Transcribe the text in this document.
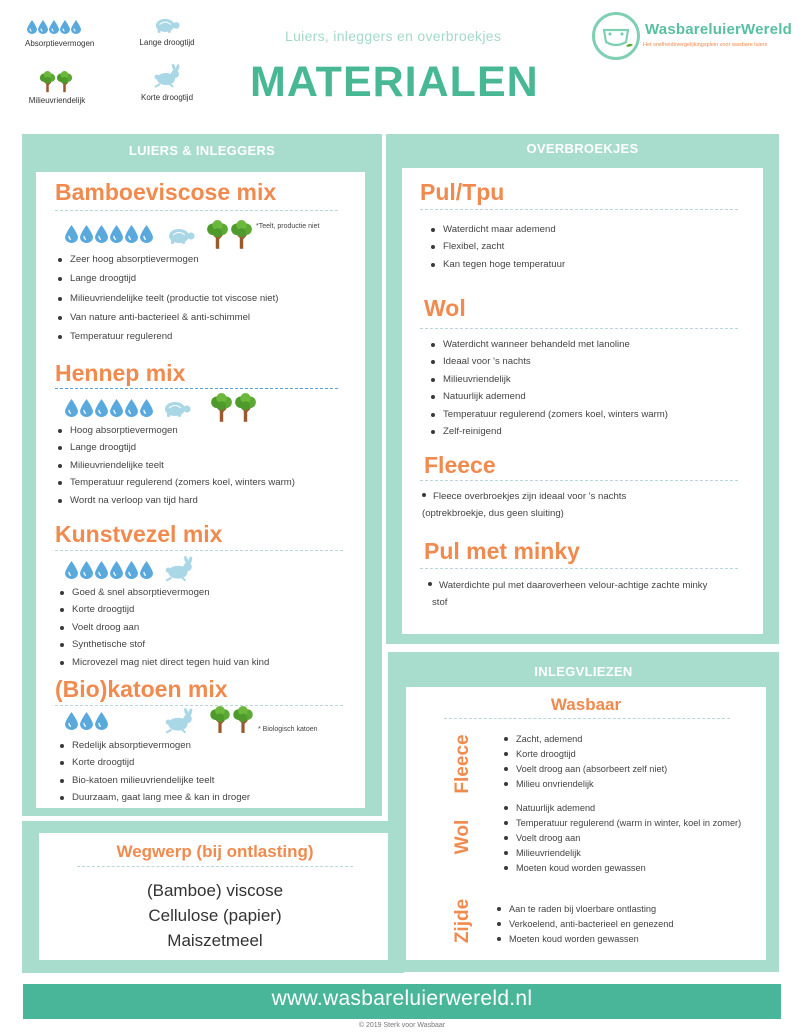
Absorptievermogen	Lange droogtijd
Milieuvriendelijk	Korte droogtijd
Luiers, inleggers en overbroekjes
MATERIALEN
WasbareluierWereld
Het snelheidsvergelijkingsplein voor wasbare luiers
LUIERS & INLEGGERS
Bamboeviscose mix
*Teelt, productie niet
Zeer hoog absorptievermogen
Lange droogtijd
Milieuvriendelijke teelt (productie tot viscose niet)
Van nature anti-bacterieel & anti-schimmel
Temperatuur regulerend
Hennep mix
Hoog absorptievermogen
Lange droogtijd
Milieuvriendelijke teelt
Temperatuur regulerend (zomers koel, winters warm)
Wordt na verloop van tijd hard
Kunstvezel mix
Goed & snel absorptievermogen
Korte droogtijd
Voelt droog aan
Synthetische stof
Microvezel mag niet direct tegen huid van kind
(Bio)katoen mix
* Biologisch katoen
Redelijk absorptievermogen
Korte droogtijd
Bio-katoen milieuvriendelijke teelt
Duurzaam, gaat lang mee & kan in droger
Wegwerp (bij ontlasting)
(Bamboe) viscose
Cellulose (papier)
Maiszetmeel
OVERBROEKJES
Pul/Tpu
Waterdicht maar ademend
Flexibel, zacht
Kan tegen hoge temperatuur
Wol
Waterdicht wanneer behandeld met lanoline
Ideaal voor 's nachts
Milieuvriendelijk
Natuurlijk ademend
Temperatuur regulerend (zomers koel, winters warm)
Zelf-reinigend
Fleece
Fleece overbroekjes zijn ideaal voor 's nachts
(optrekbroekje, dus geen sluiting)
Pul met minky
Waterdichte pul met daaroverheen velour-achtige zachte minky
stof
INLEGVLIEZEN
Wasbaar
Fleece	Zacht, ademend
Korte droogtijd
Voelt droog aan (absorbeert zelf niet)
Milieu onvriendelijk
Wol
Natuurlijk ademend
Temperatuur regulerend (warm in winter, koel in zomer)
Voelt droog aan
Milieuvriendelijk
Moeten koud worden gewassen
Zijde	Aan te raden bij vloerbare ontlasting
Verkoelend, anti-bacterieel en genezend
Moeten koud worden gewassen
www.wasbareluierwereld.nl
© 2019 Sterk voor Wasbaar
